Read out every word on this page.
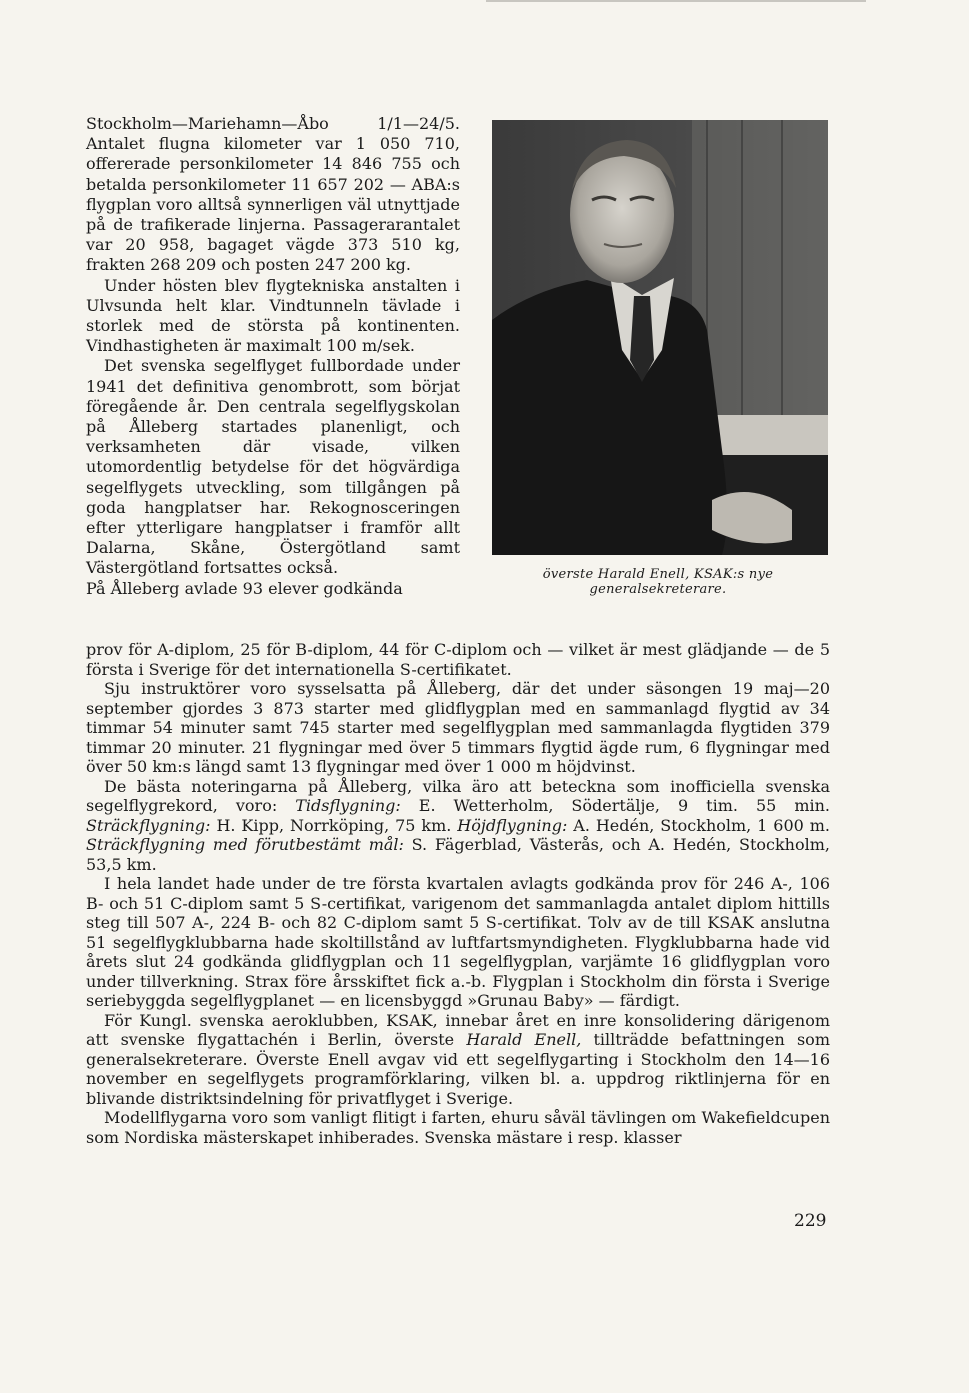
Stockholm—Mariehamn—Åbo 1/1—24/5. Antalet flugna kilometer var 1 050 710, offererade personkilometer 14 846 755 och betalda personkilometer 11 657 202 — ABA:s flygplan voro alltså synnerligen väl utnyttjade på de trafikerade linjerna. Passagerarantalet var 20 958, bagaget vägde 373 510 kg, frakten 268 209 och posten 247 200 kg.

Under hösten blev flygtekniska anstalten i Ulvsunda helt klar. Vindtunneln tävlade i storlek med de största på kontinenten. Vindhastigheten är maximalt 100 m/sek.

Det svenska segelflyget fullbordade under 1941 det definitiva genombrott, som börjat föregående år. Den centrala segelflygskolan på Ålleberg startades planenligt, och verksamheten där visade, vilken utomordentlig betydelse för det högvärdiga segelflygets utveckling, som tillgången på goda hangplatser har. Rekognosceringen efter ytterligare hangplatser i framför allt Dalarna, Skåne, Östergötland samt Västergötland fortsattes också.

På Ålleberg avlade 93 elever godkända

överste Harald Enell, KSAK:s nye generalsekreterare.

prov för A-diplom, 25 för B-diplom, 44 för C-diplom och — vilket är mest glädjande — de 5 första i Sverige för det internationella S-certifikatet.

Sju instruktörer voro sysselsatta på Ålleberg, där det under säsongen 19 maj—20 september gjordes 3 873 starter med glidflygplan med en sammanlagd flygtid av 34 timmar 54 minuter samt 745 starter med segelflygplan med sammanlagda flygtiden 379 timmar 20 minuter. 21 flygningar med över 5 timmars flygtid ägde rum, 6 flygningar med över 50 km:s längd samt 13 flygningar med över 1 000 m höjdvinst.

De bästa noteringarna på Ålleberg, vilka äro att beteckna som inofficiella svenska segelflygrekord, voro: Tidsflygning: E. Wetterholm, Södertälje, 9 tim. 55 min. Sträckflygning: H. Kipp, Norrköping, 75 km. Höjdflygning: A. Hedén, Stockholm, 1 600 m. Sträckflygning med förutbestämt mål: S. Fägerblad, Västerås, och A. Hedén, Stockholm, 53,5 km.

I hela landet hade under de tre första kvartalen avlagts godkända prov för 246 A-, 106 B- och 51 C-diplom samt 5 S-certifikat, varigenom det sammanlagda antalet diplom hittills steg till 507 A-, 224 B- och 82 C-diplom samt 5 S-certifikat. Tolv av de till KSAK anslutna 51 segelflygklubbarna hade skoltillstånd av luftfartsmyndigheten. Flygklubbarna hade vid årets slut 24 godkända glidflygplan och 11 segelflygplan, varjämte 16 glidflygplan voro under tillverkning. Strax före årsskiftet fick a.-b. Flygplan i Stockholm din första i Sverige seriebyggda segelflygplanet — en licensbyggd »Grunau Baby» — färdigt.

För Kungl. svenska aeroklubben, KSAK, innebar året en inre konsolidering därigenom att svenske flygattachén i Berlin, överste Harald Enell, tillträdde befattningen som generalsekreterare. Överste Enell avgav vid ett segelflygarting i Stockholm den 14—16 november en segelflygets programförklaring, vilken bl. a. uppdrog riktlinjerna för en blivande distriktsindelning för privatflyget i Sverige.

Modellflygarna voro som vanligt flitigt i farten, ehuru såväl tävlingen om Wakefieldcupen som Nordiska mästerskapet inhiberades. Svenska mästare i resp. klasser

229
